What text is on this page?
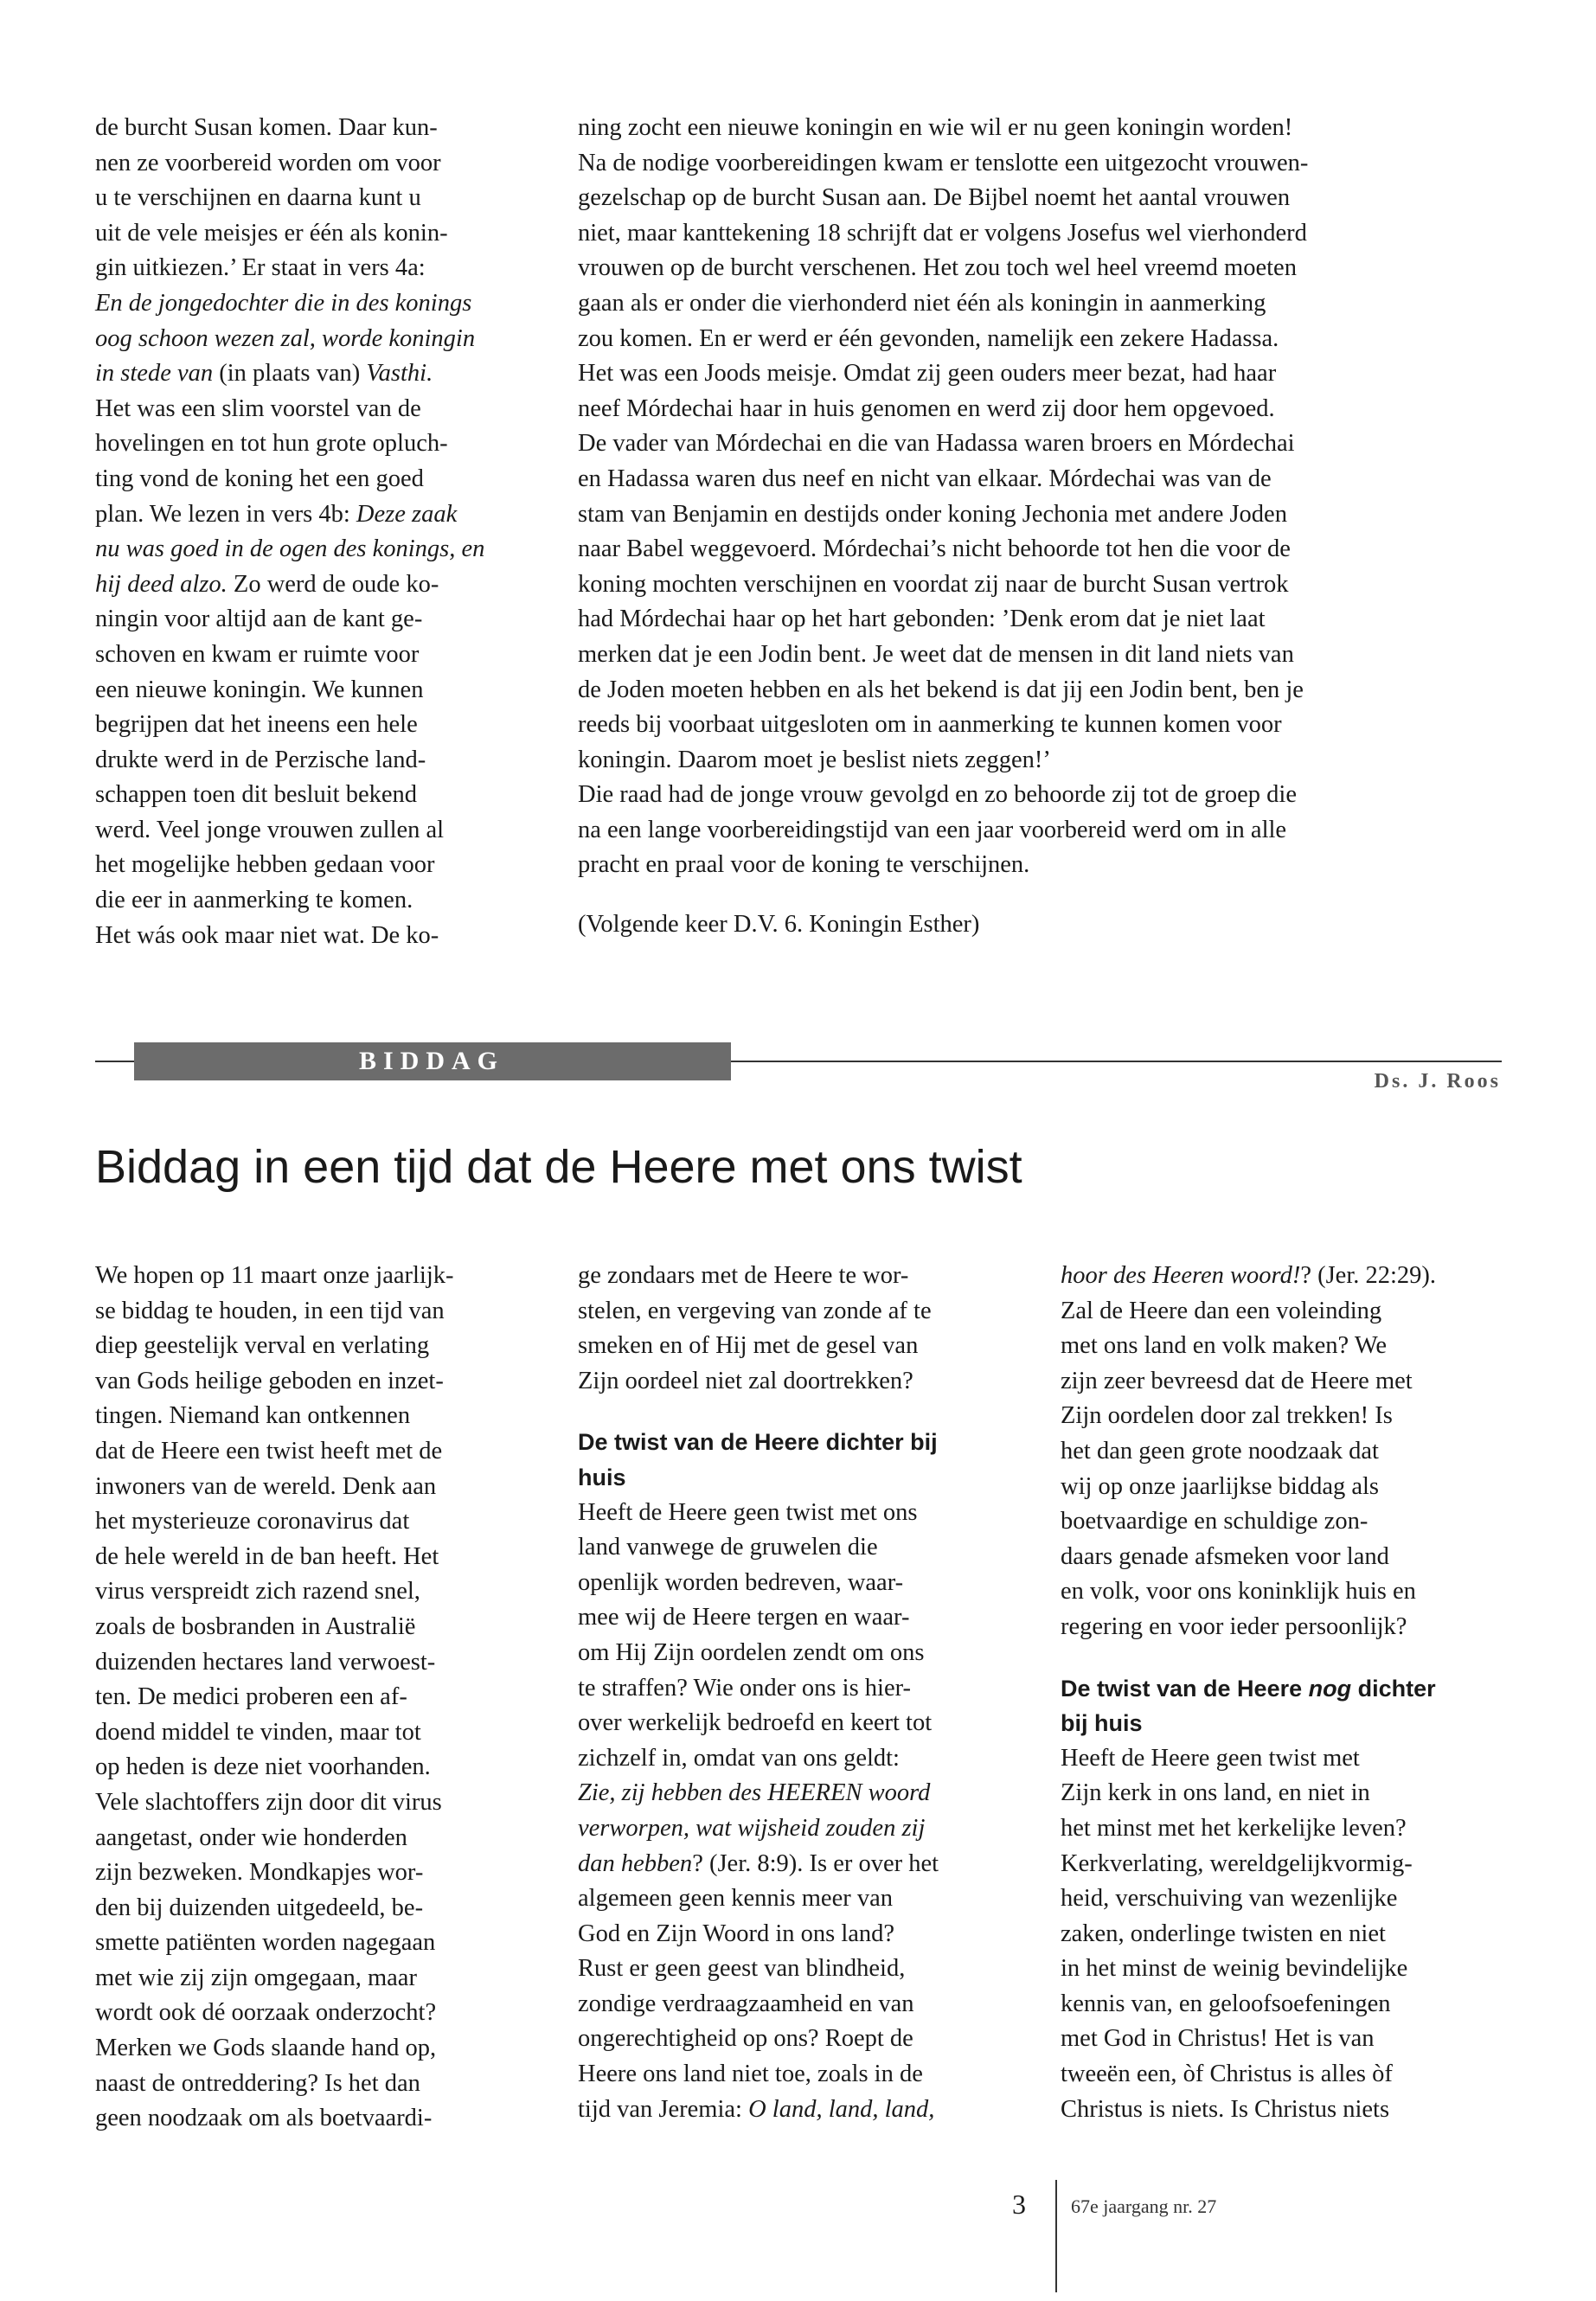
de burcht Susan komen. Daar kun-
nen ze voorbereid worden om voor
u te verschijnen en daarna kunt u
uit de vele meisjes er één als konin-
gin uitkiezen.’ Er staat in vers 4a:
En de jongedochter die in des konings
oog schoon wezen zal, worde koningin
in stede van (in plaats van) Vasthi.
Het was een slim voorstel van de
hovelingen en tot hun grote opluch-
ting vond de koning het een goed
plan. We lezen in vers 4b: Deze zaak
nu was goed in de ogen des konings, en
hij deed alzo. Zo werd de oude ko-
ningin voor altijd aan de kant ge-
schoven en kwam er ruimte voor
een nieuwe koningin. We kunnen
begrijpen dat het ineens een hele
drukte werd in de Perzische land-
schappen toen dit besluit bekend
werd. Veel jonge vrouwen zullen al
het mogelijke hebben gedaan voor
die eer in aanmerking te komen.
Het wás ook maar niet wat. De ko-

ning zocht een nieuwe koningin en wie wil er nu geen koningin worden!
Na de nodige voorbereidingen kwam er tenslotte een uitgezocht vrouwen-
gezelschap op de burcht Susan aan. De Bijbel noemt het aantal vrouwen
niet, maar kanttekening 18 schrijft dat er volgens Josefus wel vierhonderd
vrouwen op de burcht verschenen. Het zou toch wel heel vreemd moeten
gaan als er onder die vierhonderd niet één als koningin in aanmerking
zou komen. En er werd er één gevonden, namelijk een zekere Hadassa.
Het was een Joods meisje. Omdat zij geen ouders meer bezat, had haar
neef Mórdechai haar in huis genomen en werd zij door hem opgevoed.
De vader van Mórdechai en die van Hadassa waren broers en Mórdechai
en Hadassa waren dus neef en nicht van elkaar. Mórdechai was van de
stam van Benjamin en destijds onder koning Jechonia met andere Joden
naar Babel weggevoerd. Mórdechai’s nicht behoorde tot hen die voor de
koning mochten verschijnen en voordat zij naar de burcht Susan vertrok
had Mórdechai haar op het hart gebonden: ’Denk erom dat je niet laat
merken dat je een Jodin bent. Je weet dat de mensen in dit land niets van
de Joden moeten hebben en als het bekend is dat jij een Jodin bent, ben je
reeds bij voorbaat uitgesloten om in aanmerking te kunnen komen voor
koningin. Daarom moet je beslist niets zeggen!’
Die raad had de jonge vrouw gevolgd en zo behoorde zij tot de groep die
na een lange voorbereidingstijd van een jaar voorbereid werd om in alle
pracht en praal voor de koning te verschijnen.

(Volgende keer D.V. 6. Koningin Esther)

BIDDAG
Ds. J. Roos
Biddag in een tijd dat de Heere met ons twist

We hopen op 11 maart onze jaarlijk-
se biddag te houden, in een tijd van
diep geestelijk verval en verlating
van Gods heilige geboden en inzet-
tingen. Niemand kan ontkennen
dat de Heere een twist heeft met de
inwoners van de wereld. Denk aan
het mysterieuze coronavirus dat
de hele wereld in de ban heeft. Het
virus verspreidt zich razend snel,
zoals de bosbranden in Australië
duizenden hectares land verwoest-
ten. De medici proberen een af-
doend middel te vinden, maar tot
op heden is deze niet voorhanden.
Vele slachtoffers zijn door dit virus
aangetast, onder wie honderden
zijn bezweken. Mondkapjes wor-
den bij duizenden uitgedeeld, be-
smette patiënten worden nagegaan
met wie zij zijn omgegaan, maar
wordt ook dé oorzaak onderzocht?
Merken we Gods slaande hand op,
naast de ontreddering? Is het dan
geen noodzaak om als boetvaardi-

ge zondaars met de Heere te wor-
stelen, en vergeving van zonde af te
smeken en of Hij met de gesel van
Zijn oordeel niet zal doortrekken?

De twist van de Heere dichter bij
huis

Heeft de Heere geen twist met ons
land vanwege de gruwelen die
openlijk worden bedreven, waar-
mee wij de Heere tergen en waar-
om Hij Zijn oordelen zendt om ons
te straffen? Wie onder ons is hier-
over werkelijk bedroefd en keert tot
zichzelf in, omdat van ons geldt:
Zie, zij hebben des HEEREN woord
verworpen, wat wijsheid zouden zij
dan hebben? (Jer. 8:9). Is er over het
algemeen geen kennis meer van
God en Zijn Woord in ons land?
Rust er geen geest van blindheid,
zondige verdraagzaamheid en van
ongerechtigheid op ons? Roept de
Heere ons land niet toe, zoals in de
tijd van Jeremia: O land, land, land,

hoor des Heeren woord!? (Jer. 22:29).
Zal de Heere dan een voleinding
met ons land en volk maken? We
zijn zeer bevreesd dat de Heere met
Zijn oordelen door zal trekken! Is
het dan geen grote noodzaak dat
wij op onze jaarlijkse biddag als
boetvaardige en schuldige zon-
daars genade afsmeken voor land
en volk, voor ons koninklijk huis en
regering en voor ieder persoonlijk?

De twist van de Heere nog dichter
bij huis

Heeft de Heere geen twist met
Zijn kerk in ons land, en niet in
het minst met het kerkelijke leven?
Kerkverlating, wereldgelijkvormig-
heid, verschuiving van wezenlijke
zaken, onderlinge twisten en niet
in het minst de weinig bevindelijke
kennis van, en geloofsoefeningen
met God in Christus! Het is van
tweeën een, òf Christus is alles òf
Christus is niets. Is Christus niets

3 67e jaargang nr. 27
